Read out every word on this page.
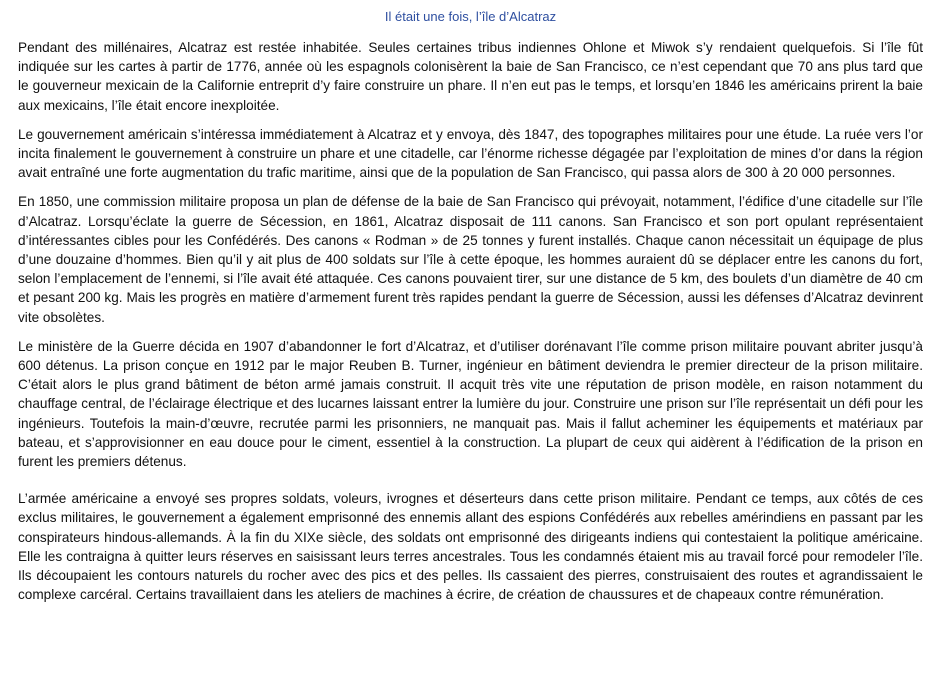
Il était une fois, l’île d’Alcatraz

Pendant des millénaires, Alcatraz est restée inhabitée. Seules certaines tribus indiennes Ohlone et Miwok s’y rendaient quelquefois. Si l’île fût indiquée sur les cartes à partir de 1776, année où les espagnols colonisèrent la baie de San Francisco, ce n’est cependant que 70 ans plus tard que le gouverneur mexicain de la Californie entreprit d’y faire construire un phare. Il n’en eut pas le temps, et lorsqu’en 1846 les américains prirent la baie aux mexicains, l’île était encore inexploitée.

Le gouvernement américain s’intéressa immédiatement à Alcatraz et y envoya, dès 1847, des topographes militaires pour une étude. La ruée vers l’or incita finalement le gouvernement à construire un phare et une citadelle, car l’énorme richesse dégagée par l’exploitation de mines d’or dans la région avait entraîné une forte augmentation du trafic maritime, ainsi que de la population de San Francisco, qui passa alors de 300 à 20 000 personnes.

En 1850, une commission militaire proposa un plan de défense de la baie de San Francisco qui prévoyait, notamment, l’édifice d’une citadelle sur l’île d’Alcatraz. Lorsqu’éclate la guerre de Sécession, en 1861, Alcatraz disposait de 111 canons. San Francisco et son port opulant représentaient d’intéressantes cibles pour les Confédérés. Des canons « Rodman » de 25 tonnes y furent installés. Chaque canon nécessitait un équipage de plus d’une douzaine d’hommes. Bien qu’il y ait plus de 400 soldats sur l’île à cette époque, les hommes auraient dû se déplacer entre les canons du fort, selon l’emplacement de l’ennemi, si l’île avait été attaquée. Ces canons pouvaient tirer, sur une distance de 5 km, des boulets d’un diamètre de 40 cm et pesant 200 kg. Mais les progrès en matière d’armement furent très rapides pendant la guerre de Sécession, aussi les défenses d’Alcatraz devinrent vite obsolètes.

Le ministère de la Guerre décida en 1907 d’abandonner le fort d’Alcatraz, et d’utiliser dorénavant l’île comme prison militaire pouvant abriter jusqu’à 600 détenus. La prison conçue en 1912 par le major Reuben B. Turner, ingénieur en bâtiment deviendra le premier directeur de la prison militaire. C’était alors le plus grand bâtiment de béton armé jamais construit. Il acquit très vite une réputation de prison modèle, en raison notamment du chauffage central, de l’éclairage électrique et des lucarnes laissant entrer la lumière du jour. Construire une prison sur l’île représentait un défi pour les ingénieurs. Toutefois la main-d’œuvre, recrutée parmi les prisonniers, ne manquait pas. Mais il fallut acheminer les équipements et matériaux par bateau, et s’approvisionner en eau douce pour le ciment, essentiel à la construction. La plupart de ceux qui aidèrent à l’édification de la prison en furent les premiers détenus.

L’armée américaine a envoyé ses propres soldats, voleurs, ivrognes et déserteurs dans cette prison militaire. Pendant ce temps, aux côtés de ces exclus militaires, le gouvernement a également emprisonné des ennemis allant des espions Confédérés aux rebelles amérindiens en passant par les conspirateurs hindous-allemands. À la fin du XIXe siècle, des soldats ont emprisonné des dirigeants indiens qui contestaient la politique américaine. Elle les contraigna à quitter leurs réserves en saisissant leurs terres ancestrales. Tous les condamnés étaient mis au travail forcé pour remodeler l’île. Ils découpaient les contours naturels du rocher avec des pics et des pelles. Ils cassaient des pierres, construisaient des routes et agrandissaient le complexe carcéral. Certains travaillaient dans les ateliers de machines à écrire, de création de chaussures et de chapeaux contre rémunération.
